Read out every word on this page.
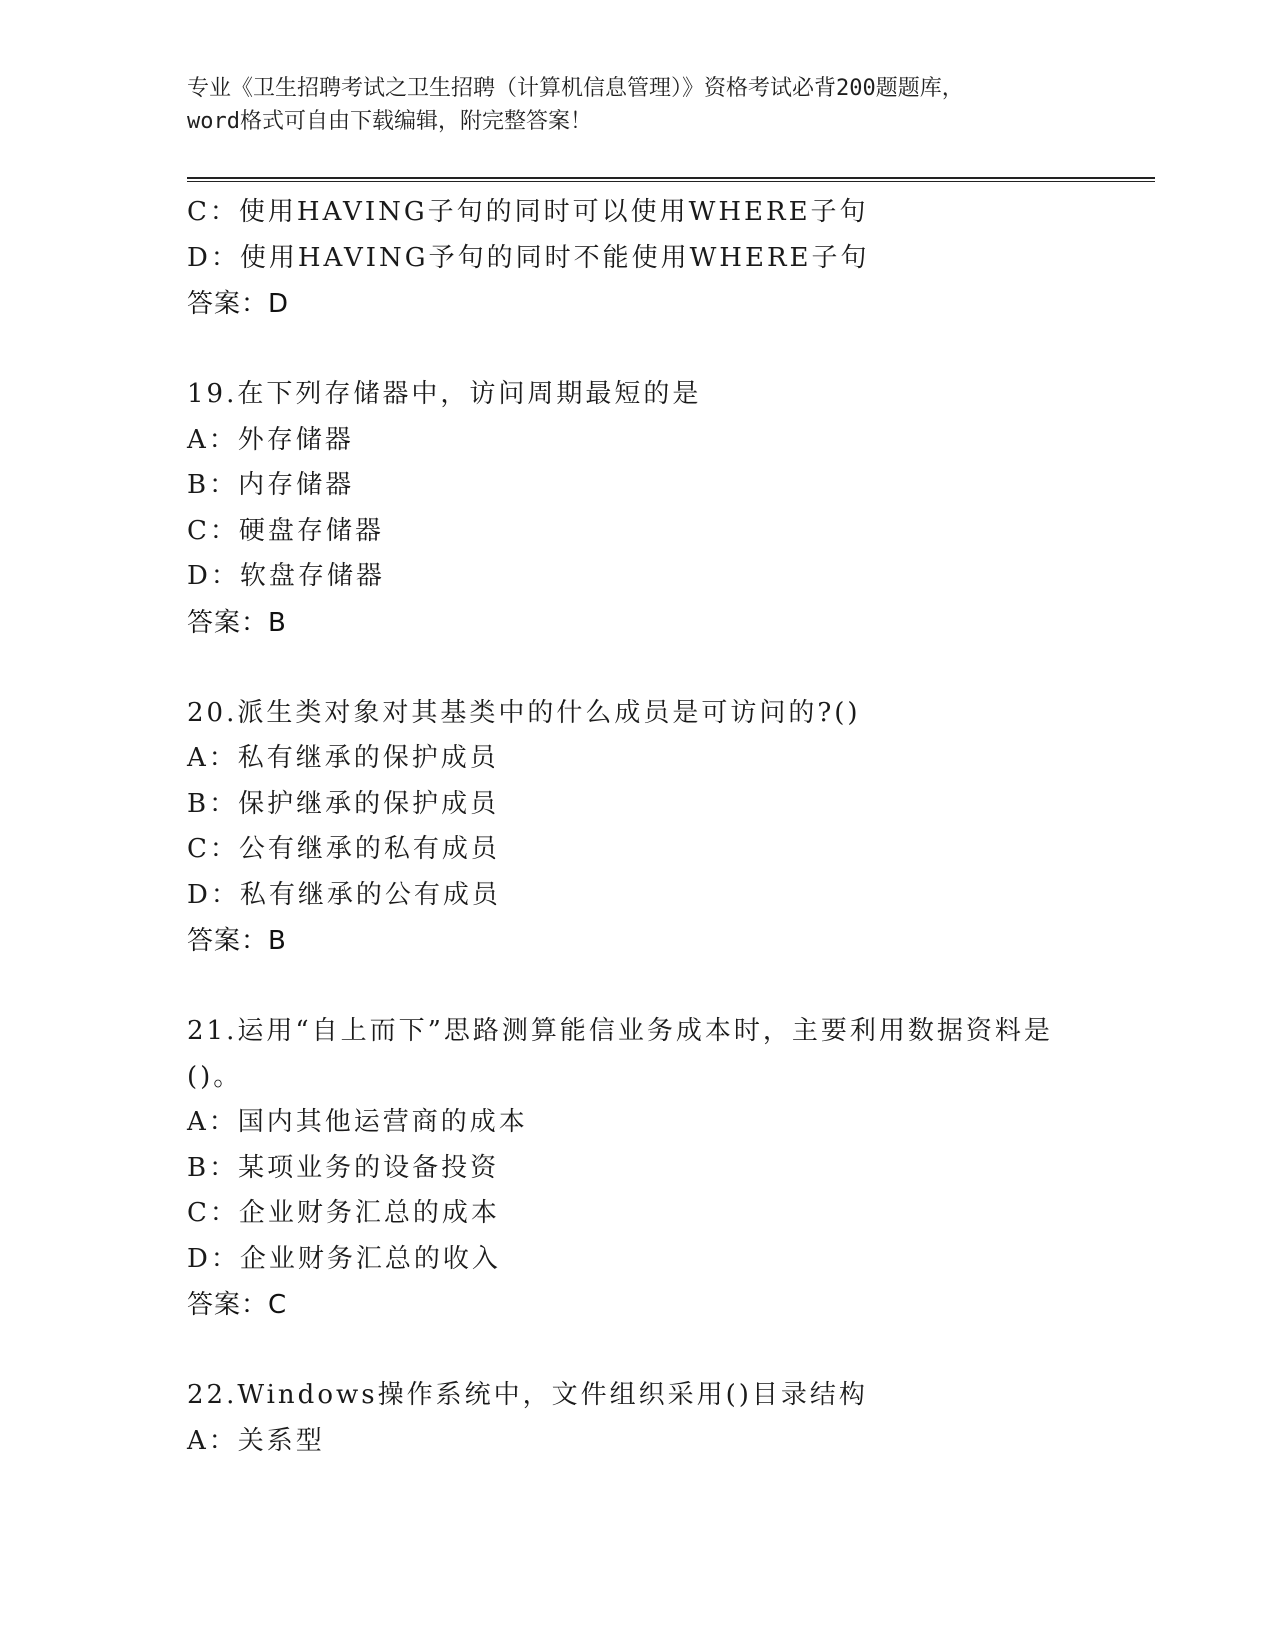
专业《卫生招聘考试之卫生招聘（计算机信息管理）》资格考试必背200题题库，
word格式可自由下载编辑，附完整答案！
C：使用HAVING子句的同时可以使用WHERE子句
D：使用HAVING予句的同时不能使用WHERE子句
答案：D
19.在下列存储器中，访问周期最短的是
A：外存储器
B：内存储器
C：硬盘存储器
D：软盘存储器
答案：B
20.派生类对象对其基类中的什么成员是可访问的?()
A：私有继承的保护成员
B：保护继承的保护成员
C：公有继承的私有成员
D：私有继承的公有成员
答案：B
21.运用“自上而下”思路测算能信业务成本时，主要利用数据资料是
()。
A：国内其他运营商的成本
B：某项业务的设备投资
C：企业财务汇总的成本
D：企业财务汇总的收入
答案：C
22.Windows操作系统中，文件组织采用()目录结构
A：关系型
